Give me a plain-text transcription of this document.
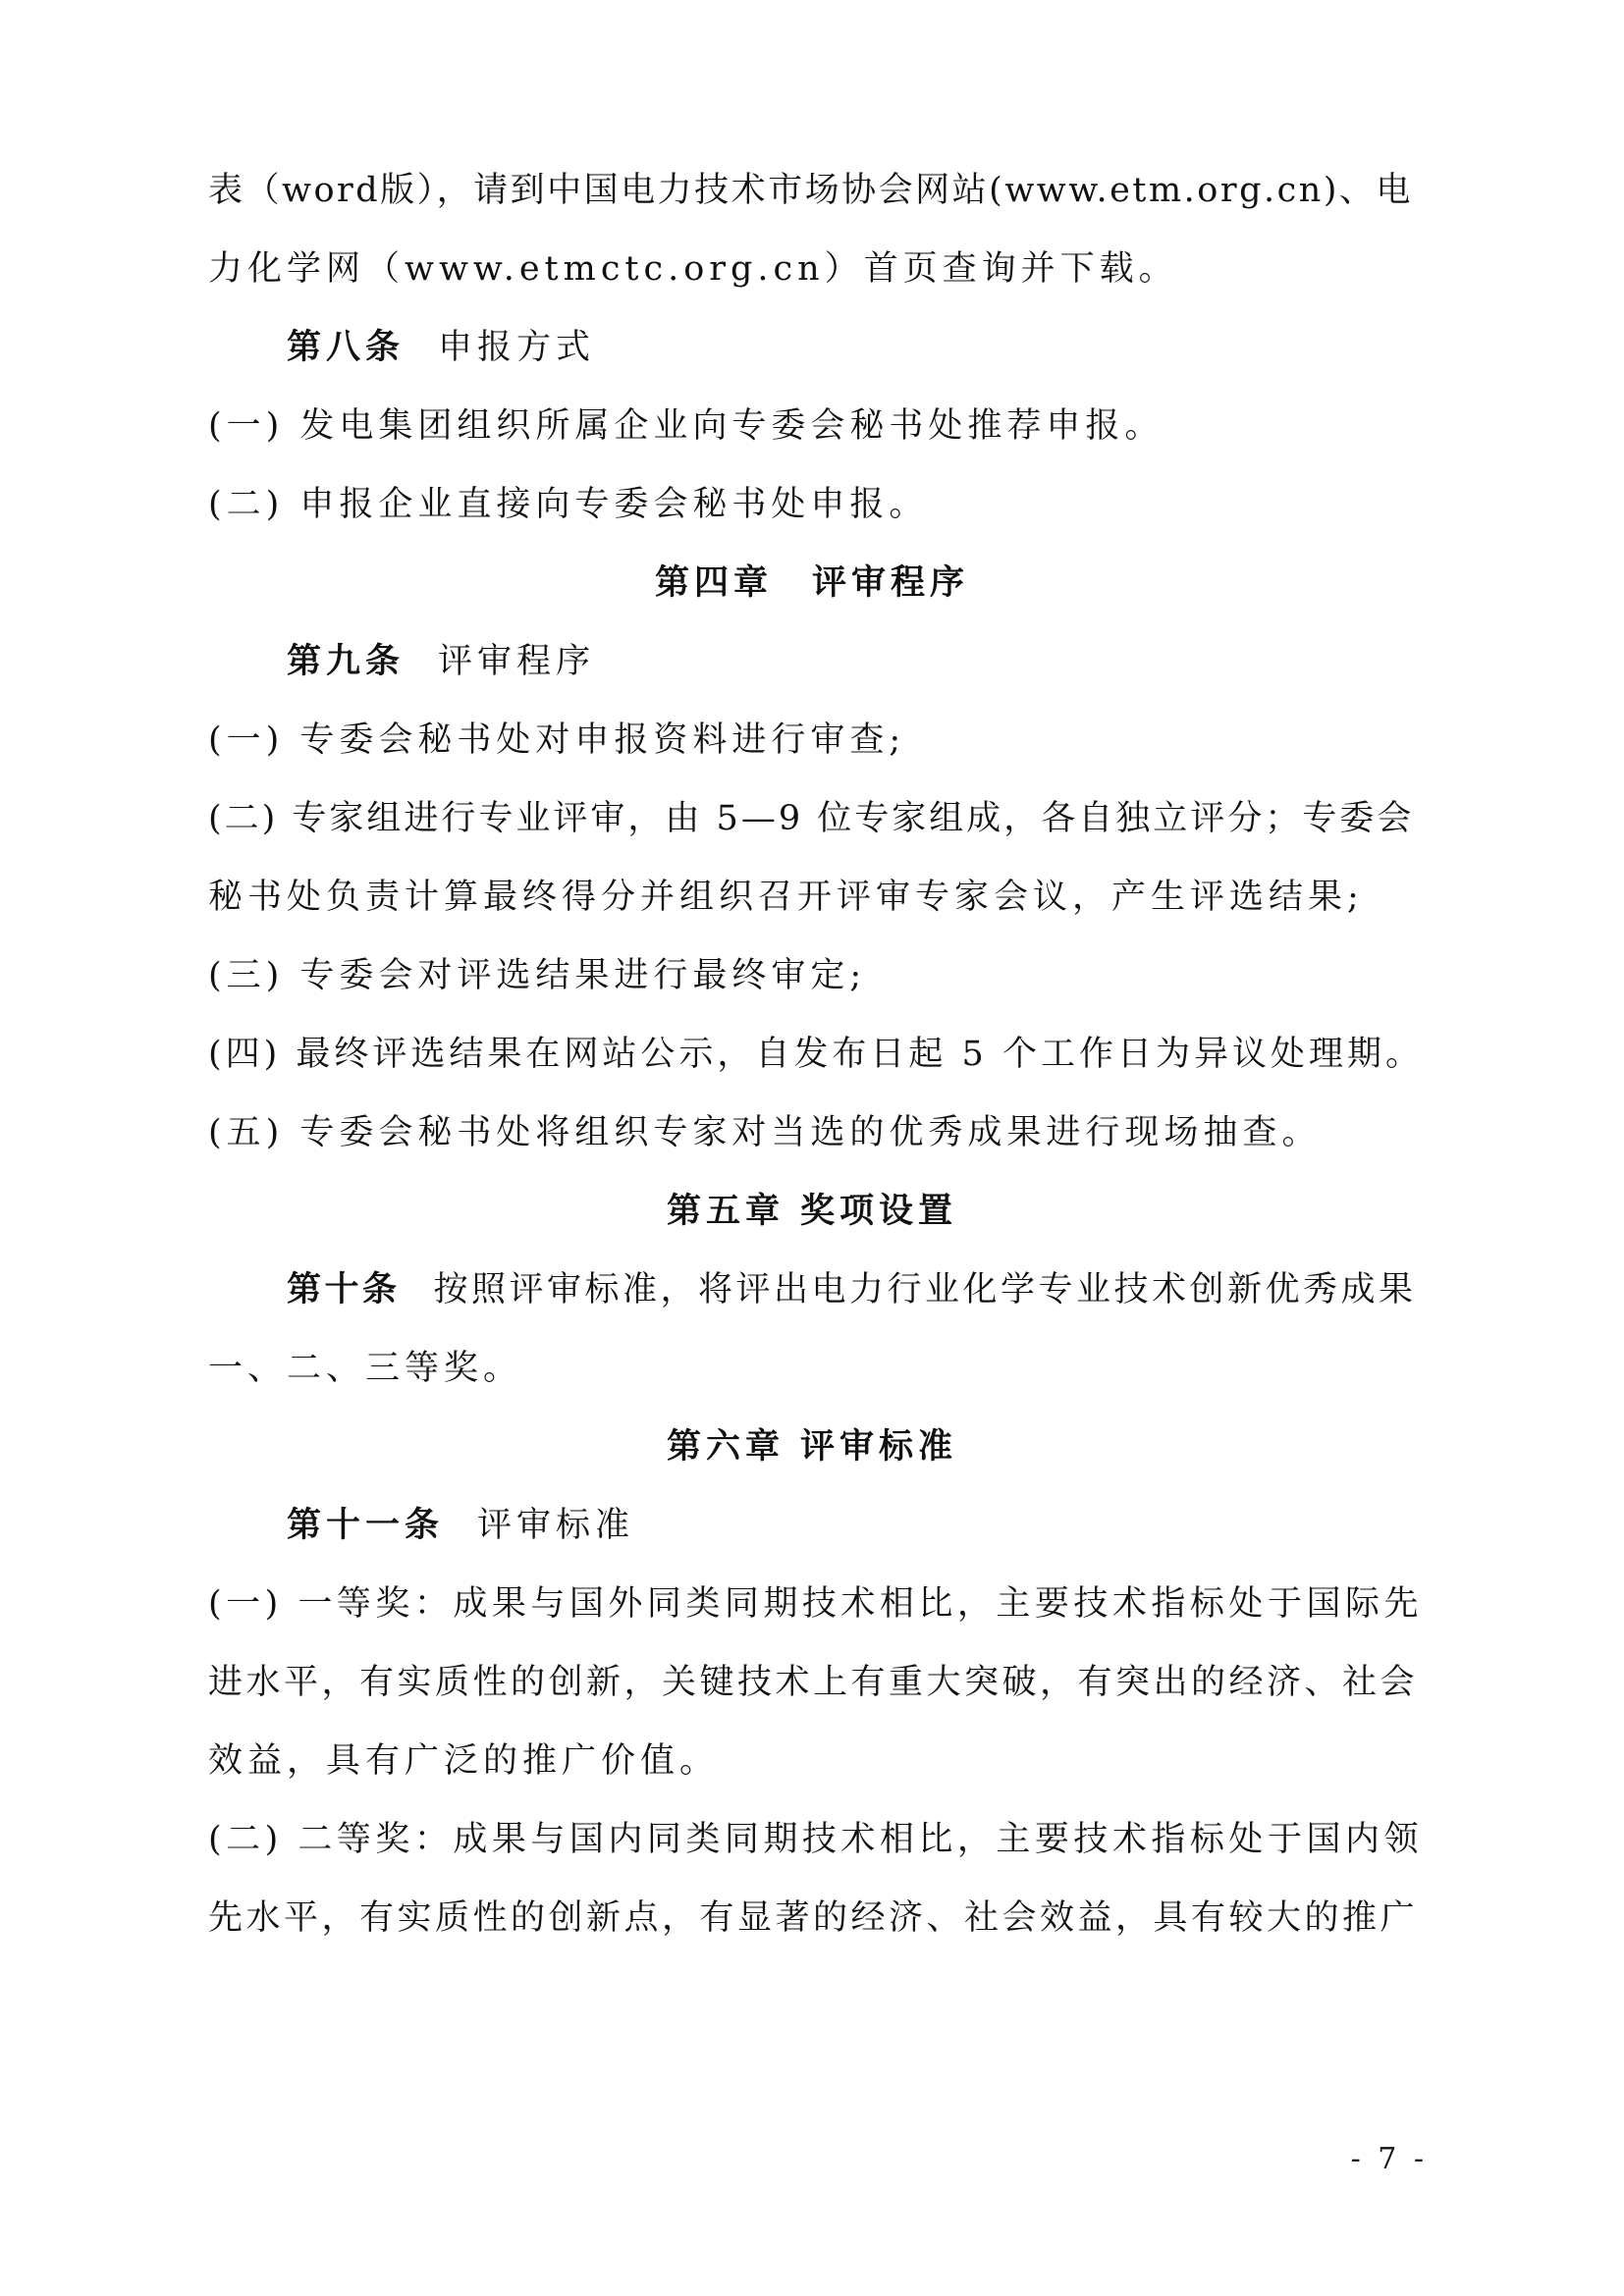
表（word版），请到中国电力技术市场协会网站(www.etm.org.cn)、电

力化学网（www.etmctc.org.cn）首页查询并下载。

第八条 申报方式

(一) 发电集团组织所属企业向专委会秘书处推荐申报。

(二) 申报企业直接向专委会秘书处申报。

第四章 评审程序

第九条 评审程序

(一) 专委会秘书处对申报资料进行审查;

(二) 专家组进行专业评审，由 5—9 位专家组成，各自独立评分；专委会

秘书处负责计算最终得分并组织召开评审专家会议，产生评选结果;

(三) 专委会对评选结果进行最终审定;

(四) 最终评选结果在网站公示，自发布日起 5 个工作日为异议处理期。

(五) 专委会秘书处将组织专家对当选的优秀成果进行现场抽查。

第五章 奖项设置

第十条 按照评审标准，将评出电力行业化学专业技术创新优秀成果

一、二、三等奖。

第六章 评审标准

第十一条 评审标准

(一) 一等奖：成果与国外同类同期技术相比，主要技术指标处于国际先

进水平，有实质性的创新，关键技术上有重大突破，有突出的经济、社会

效益，具有广泛的推广价值。

(二) 二等奖：成果与国内同类同期技术相比，主要技术指标处于国内领

先水平，有实质性的创新点，有显著的经济、社会效益，具有较大的推广

- 7 -
